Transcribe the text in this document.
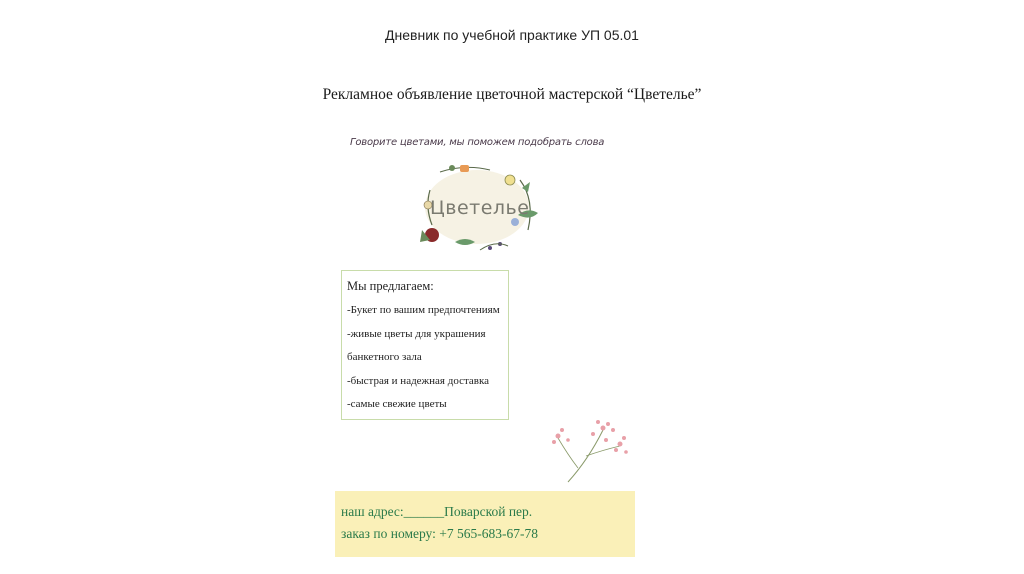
Дневник по учебной практике УП 05.01
Рекламное объявление цветочной мастерской “Цветелье”
Говорите цветами, мы поможем подобрать слова
Цветелье
Мы предлагаем:
-Букет по вашим предпочтениям
-живые цветы для украшения
банкетного зала
-быстрая и надежная доставка
-самые свежие цветы
наш адрес:______Поварской пер.
заказ по номеру: +7 565-683-67-78
